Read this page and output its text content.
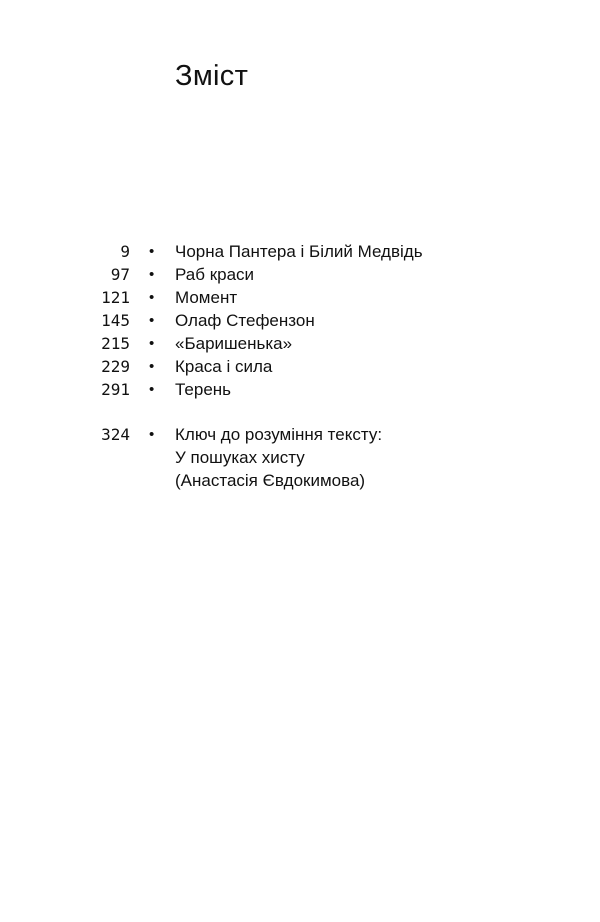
Зміст
9 • Чорна Пантера і Білий Медвідь
97 • Раб краси
121 • Момент
145 • Олаф Стефензон
215 • «Баришенька»
229 • Краса і сила
291 • Терень
324 • Ключ до розуміння тексту:
У пошуках хисту
(Анастасія Євдокимова)
